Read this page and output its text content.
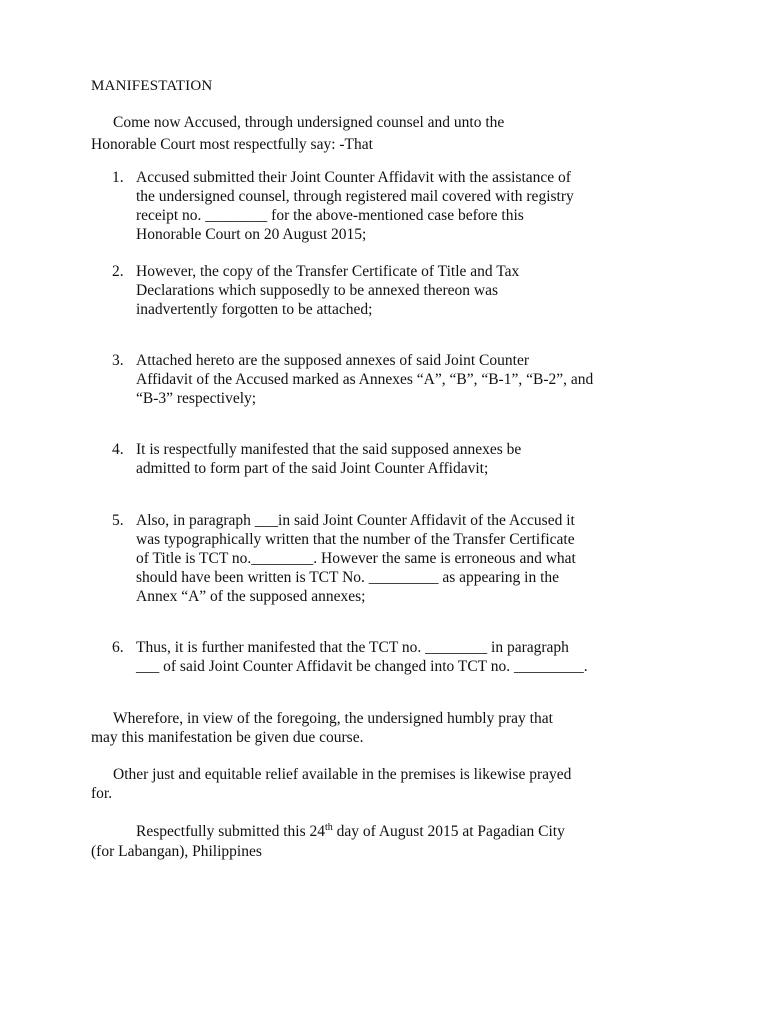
MANIFESTATION
Come now Accused, through undersigned counsel and unto the
Honorable Court most respectfully say: -That
1. Accused submitted their Joint Counter Affidavit with the assistance of
the undersigned counsel, through registered mail covered with registry
receipt no. ________ for the above-mentioned case before this
Honorable Court on 20 August 2015;
2. However, the copy of the Transfer Certificate of Title and Tax
Declarations which supposedly to be annexed thereon was
inadvertently forgotten to be attached;
3. Attached hereto are the supposed annexes of said Joint Counter
Affidavit of the Accused marked as Annexes “A”, “B”, “B-1”, “B-2”, and
“B-3” respectively;
4. It is respectfully manifested that the said supposed annexes be
admitted to form part of the said Joint Counter Affidavit;
5. Also, in paragraph ___in said Joint Counter Affidavit of the Accused it
was typographically written that the number of the Transfer Certificate
of Title is TCT no.________. However the same is erroneous and what
should have been written is TCT No. _________ as appearing in the
Annex “A” of the supposed annexes;
6. Thus, it is further manifested that the TCT no. ________ in paragraph
___ of said Joint Counter Affidavit be changed into TCT no. _________.
Wherefore, in view of the foregoing, the undersigned humbly pray that
may this manifestation be given due course.
Other just and equitable relief available in the premises is likewise prayed
for.
Respectfully submitted this 24th day of August 2015 at Pagadian City
(for Labangan), Philippines
